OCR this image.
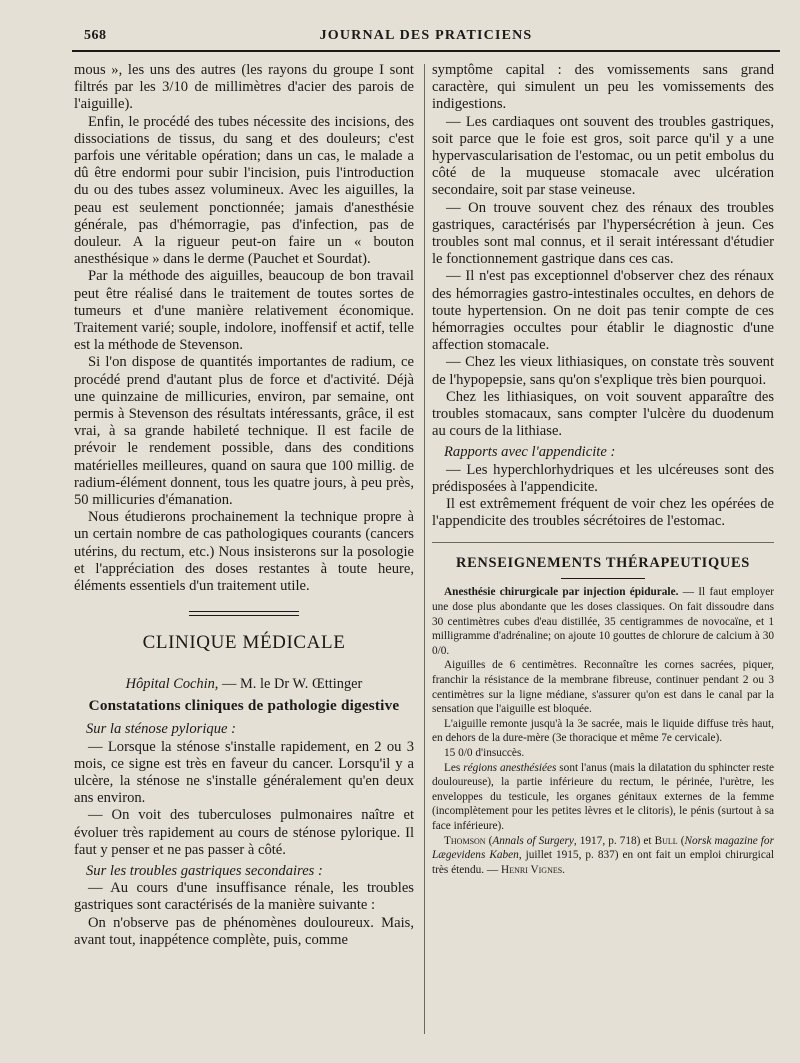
568	JOURNAL DES PRATICIENS

mous », les uns des autres (les rayons du groupe I sont filtrés par les 3/10 de millimètres d'acier des parois de l'aiguille).

Enfin, le procédé des tubes nécessite des incisions, des dissociations de tissus, du sang et des douleurs; c'est parfois une véritable opération; dans un cas, le malade a dû être endormi pour subir l'incision, puis l'introduction du ou des tubes assez volumineux. Avec les aiguilles, la peau est seulement ponctionnée; jamais d'anesthésie générale, pas d'hémorragie, pas d'infection, pas de douleur. A la rigueur peut-on faire un « bouton anesthésique » dans le derme (Pauchet et Sourdat).

Par la méthode des aiguilles, beaucoup de bon travail peut être réalisé dans le traitement de toutes sortes de tumeurs et d'une manière relativement économique. Traitement varié; souple, indolore, inoffensif et actif, telle est la méthode de Stevenson.

Si l'on dispose de quantités importantes de radium, ce procédé prend d'autant plus de force et d'activité. Déjà une quinzaine de millicuries, environ, par semaine, ont permis à Stevenson des résultats intéressants, grâce, il est vrai, à sa grande habileté technique. Il est facile de prévoir le rendement possible, dans des conditions matérielles meilleures, quand on saura que 100 millig. de radium-élément donnent, tous les quatre jours, à peu près, 50 millicuries d'émanation.

Nous étudierons prochainement la technique propre à un certain nombre de cas pathologiques courants (cancers utérins, du rectum, etc.) Nous insisterons sur la posologie et l'appréciation des doses restantes à toute heure, éléments essentiels d'un traitement utile.

CLINIQUE MÉDICALE
Hôpital Cochin, — M. le Dr W. Œttinger
Constatations cliniques de pathologie digestive
Sur la sténose pylorique :

— Lorsque la sténose s'installe rapidement, en 2 ou 3 mois, ce signe est très en faveur du cancer. Lorsqu'il y a ulcère, la sténose ne s'installe généralement qu'en deux ans environ.

— On voit des tuberculoses pulmonaires naître et évoluer très rapidement au cours de sténose pylorique. Il faut y penser et ne pas passer à côté.

Sur les troubles gastriques secondaires :

— Au cours d'une insuffisance rénale, les troubles gastriques sont caractérisés de la manière suivante :

On n'observe pas de phénomènes douloureux. Mais, avant tout, inappétence complète, puis, comme

symptôme capital : des vomissements sans grand caractère, qui simulent un peu les vomissements des indigestions.

— Les cardiaques ont souvent des troubles gastriques, soit parce que le foie est gros, soit parce qu'il y a une hypervascularisation de l'estomac, ou un petit embolus du côté de la muqueuse stomacale avec ulcération secondaire, soit par stase veineuse.

— On trouve souvent chez des rénaux des troubles gastriques, caractérisés par l'hypersécrétion à jeun. Ces troubles sont mal connus, et il serait intéressant d'étudier le fonctionnement gastrique dans ces cas.

— Il n'est pas exceptionnel d'observer chez des rénaux des hémorragies gastro-intestinales occultes, en dehors de toute hypertension. On ne doit pas tenir compte de ces hémorragies occultes pour établir le diagnostic d'une affection stomacale.

— Chez les vieux lithiasiques, on constate très souvent de l'hypopepsie, sans qu'on s'explique très bien pourquoi.

Chez les lithiasiques, on voit souvent apparaître des troubles stomacaux, sans compter l'ulcère du duodenum au cours de la lithiase.

Rapports avec l'appendicite :

— Les hyperchlorhydriques et les ulcéreuses sont des prédisposées à l'appendicite.

Il est extrêmement fréquent de voir chez les opérées de l'appendicite des troubles sécrétoires de l'estomac.

RENSEIGNEMENTS THÉRAPEUTIQUES

Anesthésie chirurgicale par injection épidurale. — Il faut employer une dose plus abondante que les doses classiques. On fait dissoudre dans 30 centimètres cubes d'eau distillée, 35 centigrammes de novocaïne, et 1 milligramme d'adrénaline; on ajoute 10 gouttes de chlorure de calcium à 30 0/0.

Aiguilles de 6 centimètres. Reconnaître les cornes sacrées, piquer, franchir la résistance de la membrane fibreuse, continuer pendant 2 ou 3 centimètres sur la ligne médiane, s'assurer qu'on est dans le canal par la sensation que l'aiguille est bloquée.

L'aiguille remonte jusqu'à la 3e sacrée, mais le liquide diffuse très haut, en dehors de la dure-mère (3e thoracique et même 7e cervicale).

15 0/0 d'insuccès.

Les régions anesthésiées sont l'anus (mais la dilatation du sphincter reste douloureuse), la partie inférieure du rectum, le périnée, l'urètre, les enveloppes du testicule, les organes génitaux externes de la femme (incomplètement pour les petites lèvres et le clitoris), le pénis (surtout à sa face inférieure).

Thomson (Annals of Surgery, 1917, p. 718) et Bull (Norsk magazine for Lægevidens Kaben, juillet 1915, p. 837) en ont fait un emploi chirurgical très étendu. — Henri Vignes.
